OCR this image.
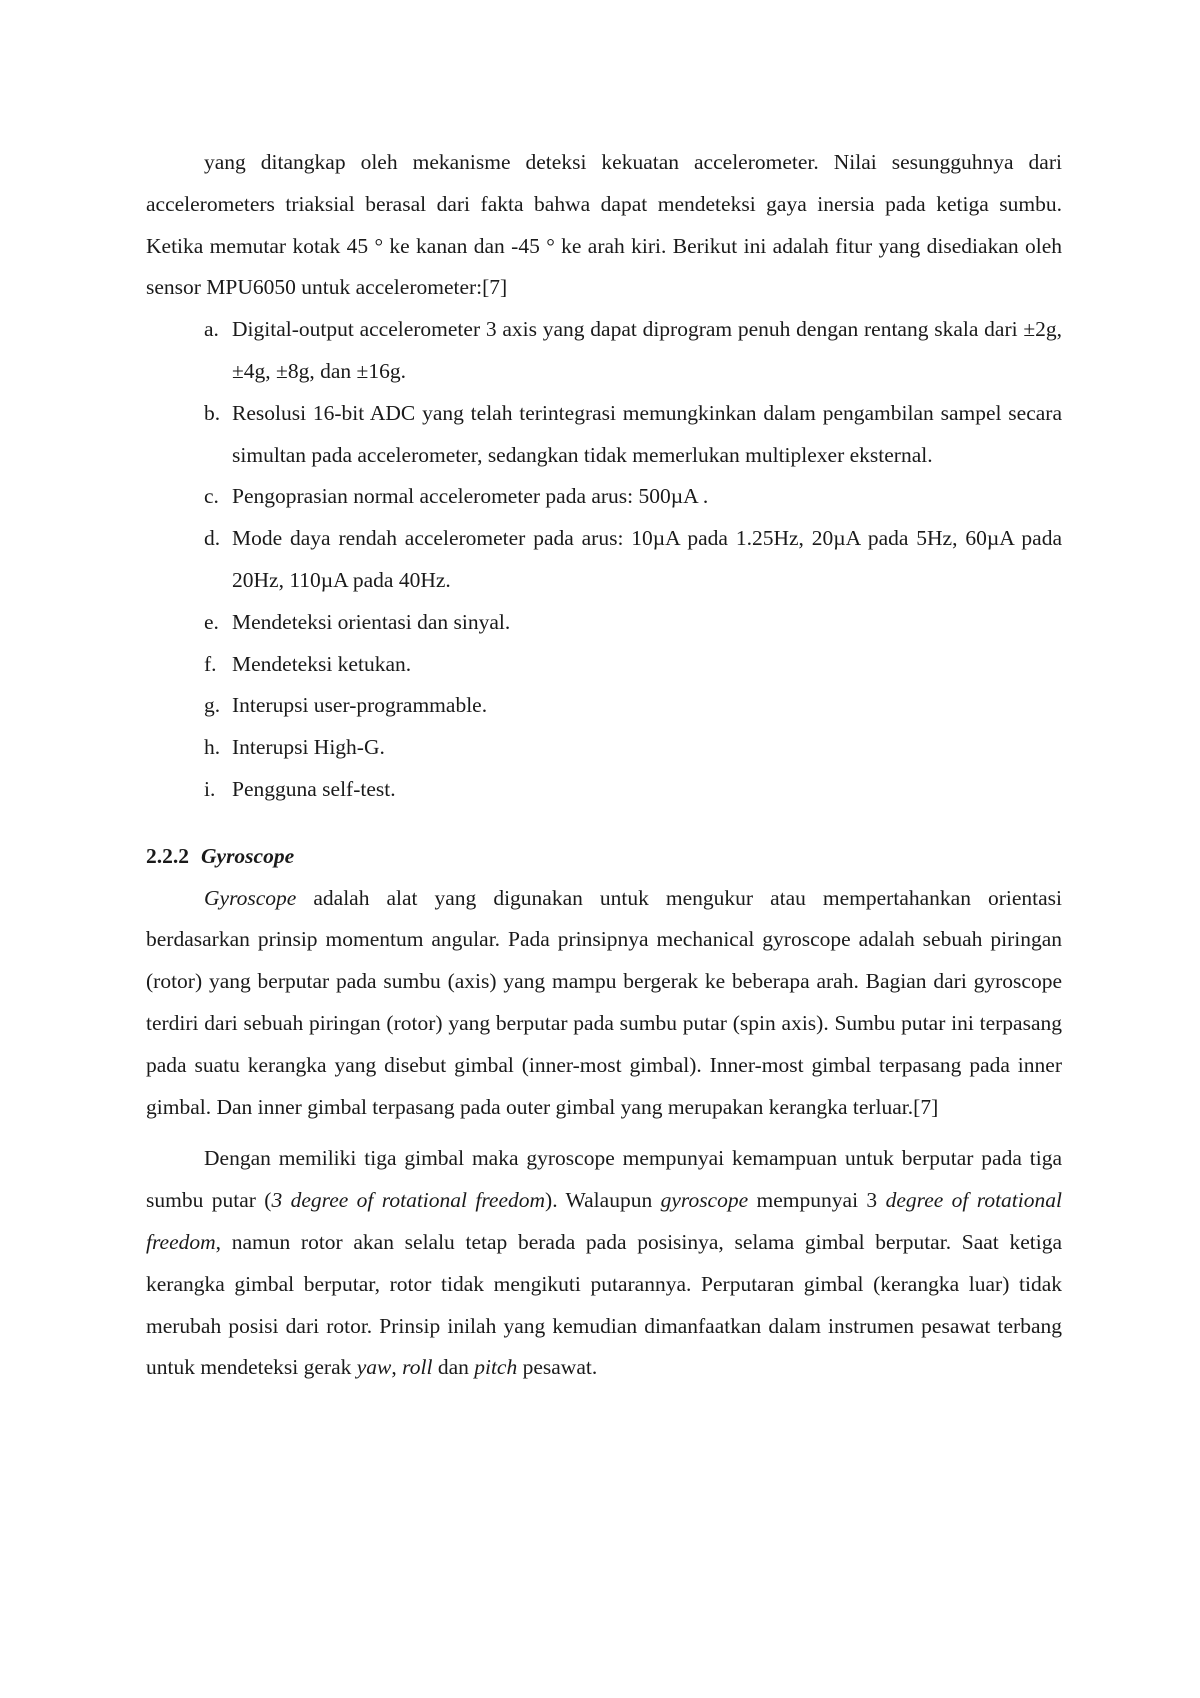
yang ditangkap oleh mekanisme deteksi kekuatan accelerometer. Nilai sesungguhnya dari accelerometers triaksial berasal dari fakta bahwa dapat mendeteksi gaya inersia pada ketiga sumbu. Ketika memutar kotak 45 ° ke kanan dan -45 ° ke arah kiri. Berikut ini adalah fitur yang disediakan oleh sensor MPU6050 untuk accelerometer:[7]

a. Digital-output accelerometer 3 axis yang dapat diprogram penuh dengan rentang skala dari ±2g, ±4g, ±8g, dan ±16g.
b. Resolusi 16-bit ADC yang telah terintegrasi memungkinkan dalam pengambilan sampel secara simultan pada accelerometer, sedangkan tidak memerlukan multiplexer eksternal.
c. Pengoprasian normal accelerometer pada arus: 500µA .
d. Mode daya rendah accelerometer pada arus: 10µA pada 1.25Hz, 20µA pada 5Hz, 60µA pada 20Hz, 110µA pada 40Hz.
e. Mendeteksi orientasi dan sinyal.
f. Mendeteksi ketukan.
g. Interupsi user-programmable.
h. Interupsi High-G.
i. Pengguna self-test.
2.2.2 Gyroscope

Gyroscope adalah alat yang digunakan untuk mengukur atau mempertahankan orientasi berdasarkan prinsip momentum angular. Pada prinsipnya mechanical gyroscope adalah sebuah piringan (rotor) yang berputar pada sumbu (axis) yang mampu bergerak ke beberapa arah. Bagian dari gyroscope terdiri dari sebuah piringan (rotor) yang berputar pada sumbu putar (spin axis). Sumbu putar ini terpasang pada suatu kerangka yang disebut gimbal (inner-most gimbal). Inner-most gimbal terpasang pada inner gimbal. Dan inner gimbal terpasang pada outer gimbal yang merupakan kerangka terluar.[7]

Dengan memiliki tiga gimbal maka gyroscope mempunyai kemampuan untuk berputar pada tiga sumbu putar (3 degree of rotational freedom). Walaupun gyroscope mempunyai 3 degree of rotational freedom, namun rotor akan selalu tetap berada pada posisinya, selama gimbal berputar. Saat ketiga kerangka gimbal berputar, rotor tidak mengikuti putarannya. Perputaran gimbal (kerangka luar) tidak merubah posisi dari rotor. Prinsip inilah yang kemudian dimanfaatkan dalam instrumen pesawat terbang untuk mendeteksi gerak yaw, roll dan pitch pesawat.
